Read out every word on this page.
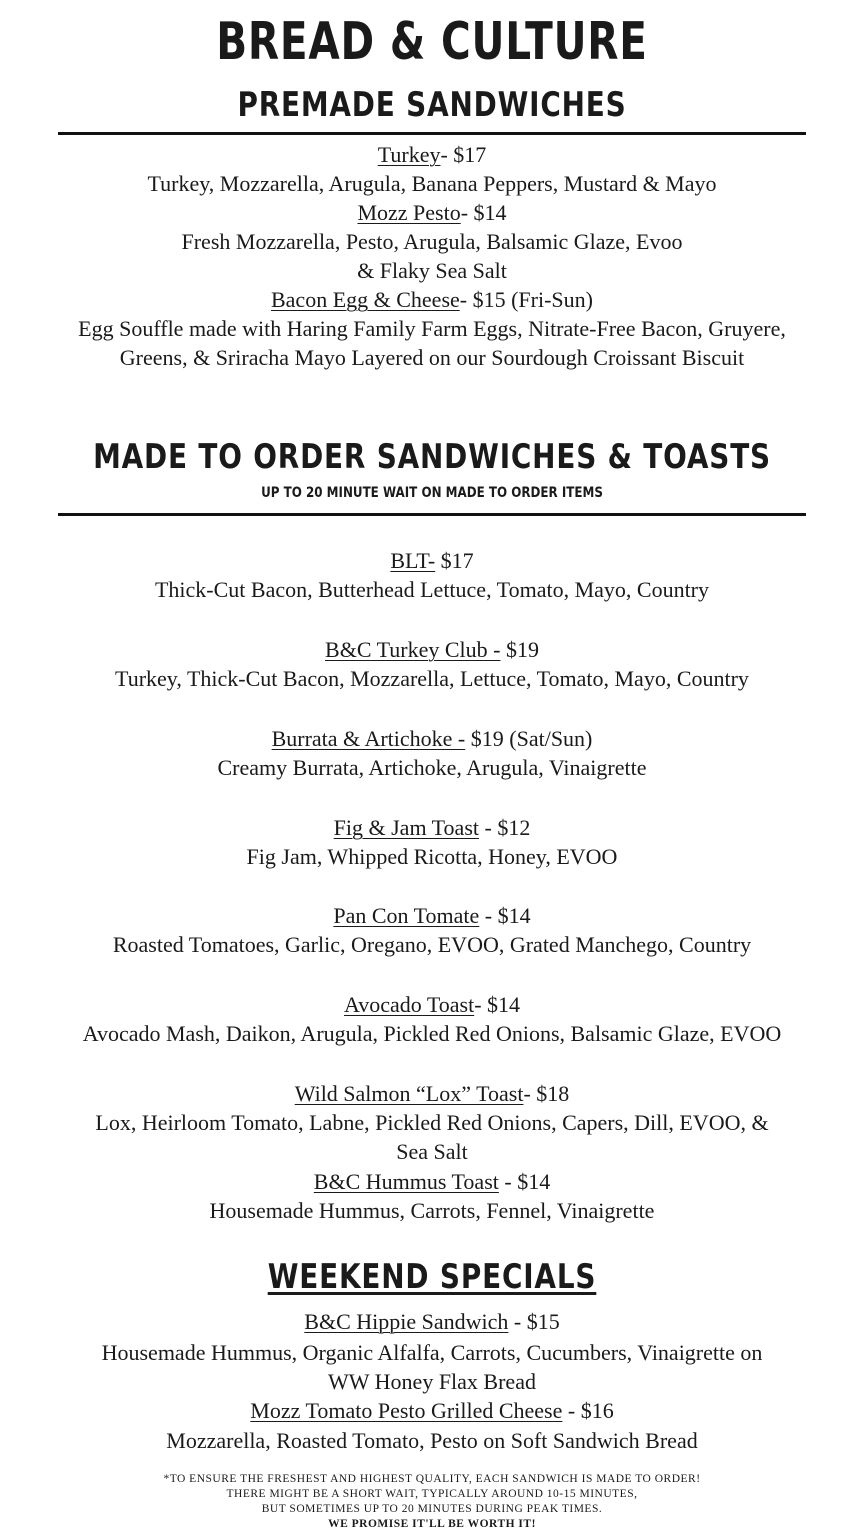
BREAD & CULTURE
PREMADE SANDWICHES
Turkey- $17
Turkey, Mozzarella, Arugula, Banana Peppers, Mustard & Mayo
Mozz Pesto- $14
Fresh Mozzarella, Pesto, Arugula, Balsamic Glaze, Evoo
& Flaky Sea Salt
Bacon Egg & Cheese- $15 (Fri-Sun)
Egg Souffle made with Haring Family Farm Eggs, Nitrate-Free Bacon, Gruyere,
Greens, & Sriracha Mayo Layered on our Sourdough Croissant Biscuit
MADE TO ORDER SANDWICHES & TOASTS
UP TO 20 MINUTE WAIT ON MADE TO ORDER ITEMS
BLT- $17
Thick-Cut Bacon, Butterhead Lettuce, Tomato, Mayo, Country
B&C Turkey Club - $19
Turkey, Thick-Cut Bacon, Mozzarella, Lettuce, Tomato, Mayo, Country
Burrata & Artichoke - $19 (Sat/Sun)
Creamy Burrata, Artichoke, Arugula, Vinaigrette
Fig & Jam Toast - $12
Fig Jam, Whipped Ricotta, Honey, EVOO
Pan Con Tomate - $14
Roasted Tomatoes, Garlic, Oregano, EVOO, Grated Manchego, Country
Avocado Toast- $14
Avocado Mash, Daikon, Arugula, Pickled Red Onions, Balsamic Glaze, EVOO
Wild Salmon “Lox” Toast- $18
Lox, Heirloom Tomato, Labne, Pickled Red Onions, Capers, Dill, EVOO, &
Sea Salt
B&C Hummus Toast - $14
Housemade Hummus, Carrots, Fennel, Vinaigrette
WEEKEND SPECIALS
B&C Hippie Sandwich - $15
Housemade Hummus, Organic Alfalfa, Carrots, Cucumbers, Vinaigrette on
WW Honey Flax Bread
Mozz Tomato Pesto Grilled Cheese - $16
Mozzarella, Roasted Tomato, Pesto on Soft Sandwich Bread
*TO ENSURE THE FRESHEST AND HIGHEST QUALITY, EACH SANDWICH IS MADE TO ORDER!
THERE MIGHT BE A SHORT WAIT, TYPICALLY AROUND 10-15 MINUTES,
BUT SOMETIMES UP TO 20 MINUTES DURING PEAK TIMES.
WE PROMISE IT'LL BE WORTH IT!
